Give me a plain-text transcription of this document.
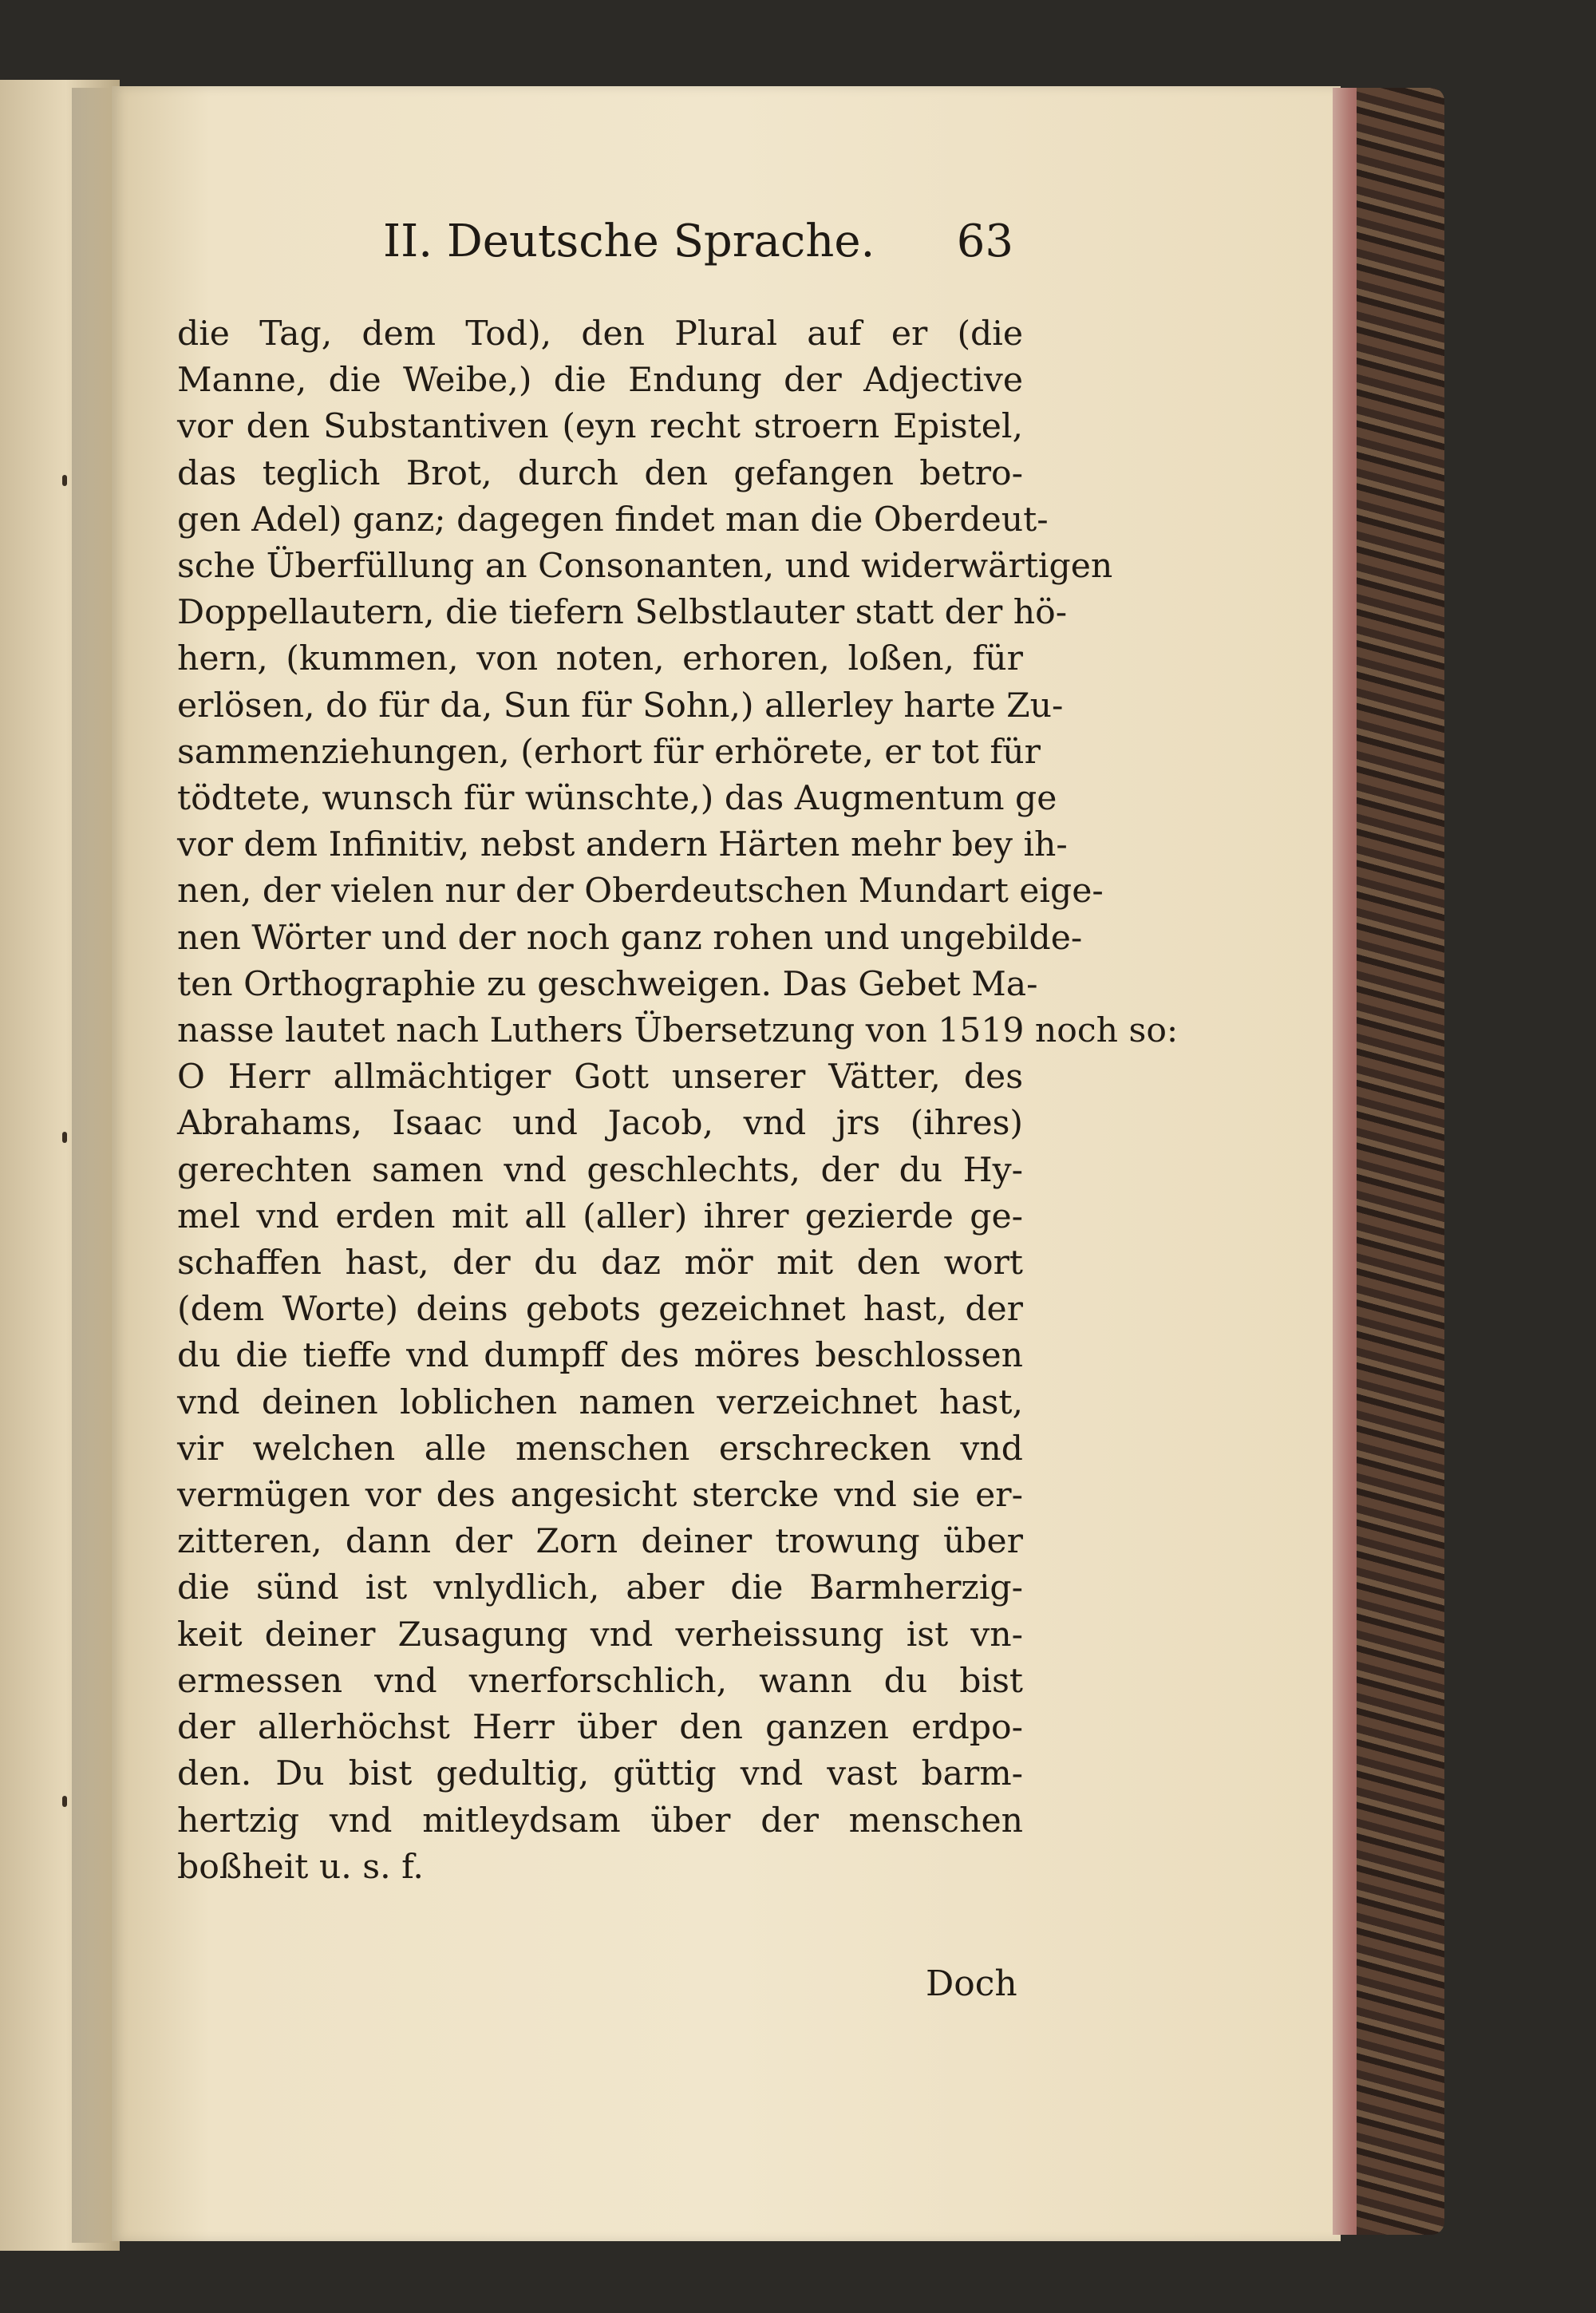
II. Deutsche Sprache. 63
die Tag, dem Tod), den Plural auf er (die
Manne, die Weibe,) die Endung der Adjective
vor den Substantiven (eyn recht stroern Epistel,
das teglich Brot, durch den gefangen betro-
gen Adel) ganz; dagegen findet man die Oberdeut-
sche Überfüllung an Consonanten, und widerwärtigen
Doppellautern, die tiefern Selbstlauter statt der hö-
hern, (kummen, von noten, erhoren, loßen, für
erlösen, do für da, Sun für Sohn,) allerley harte Zu-
sammenziehungen, (erhort für erhörete, er tot für
tödtete, wunsch für wünschte,) das Augmentum ge
vor dem Infinitiv, nebst andern Härten mehr bey ih-
nen, der vielen nur der Oberdeutschen Mundart eige-
nen Wörter und der noch ganz rohen und ungebilde-
ten Orthographie zu geschweigen. Das Gebet Ma-
nasse lautet nach Luthers Übersetzung von 1519 noch so:
O Herr allmächtiger Gott unserer Vätter, des
Abrahams, Isaac und Jacob, vnd jrs (ihres)
gerechten samen vnd geschlechts, der du Hy-
mel vnd erden mit all (aller) ihrer gezierde ge-
schaffen hast, der du daz mör mit den wort
(dem Worte) deins gebots gezeichnet hast, der
du die tieffe vnd dumpff des möres beschlossen
vnd deinen loblichen namen verzeichnet hast,
vir welchen alle menschen erschrecken vnd
vermügen vor des angesicht stercke vnd sie er-
zitteren, dann der Zorn deiner trowung über
die sünd ist vnlydlich, aber die Barmherzig-
keit deiner Zusagung vnd verheissung ist vn-
ermessen vnd vnerforschlich, wann du bist
der allerhöchst Herr über den ganzen erdpo-
den. Du bist gedultig, güttig vnd vast barm-
hertzig vnd mitleydsam über der menschen
boßheit u. s. f.
Doch
